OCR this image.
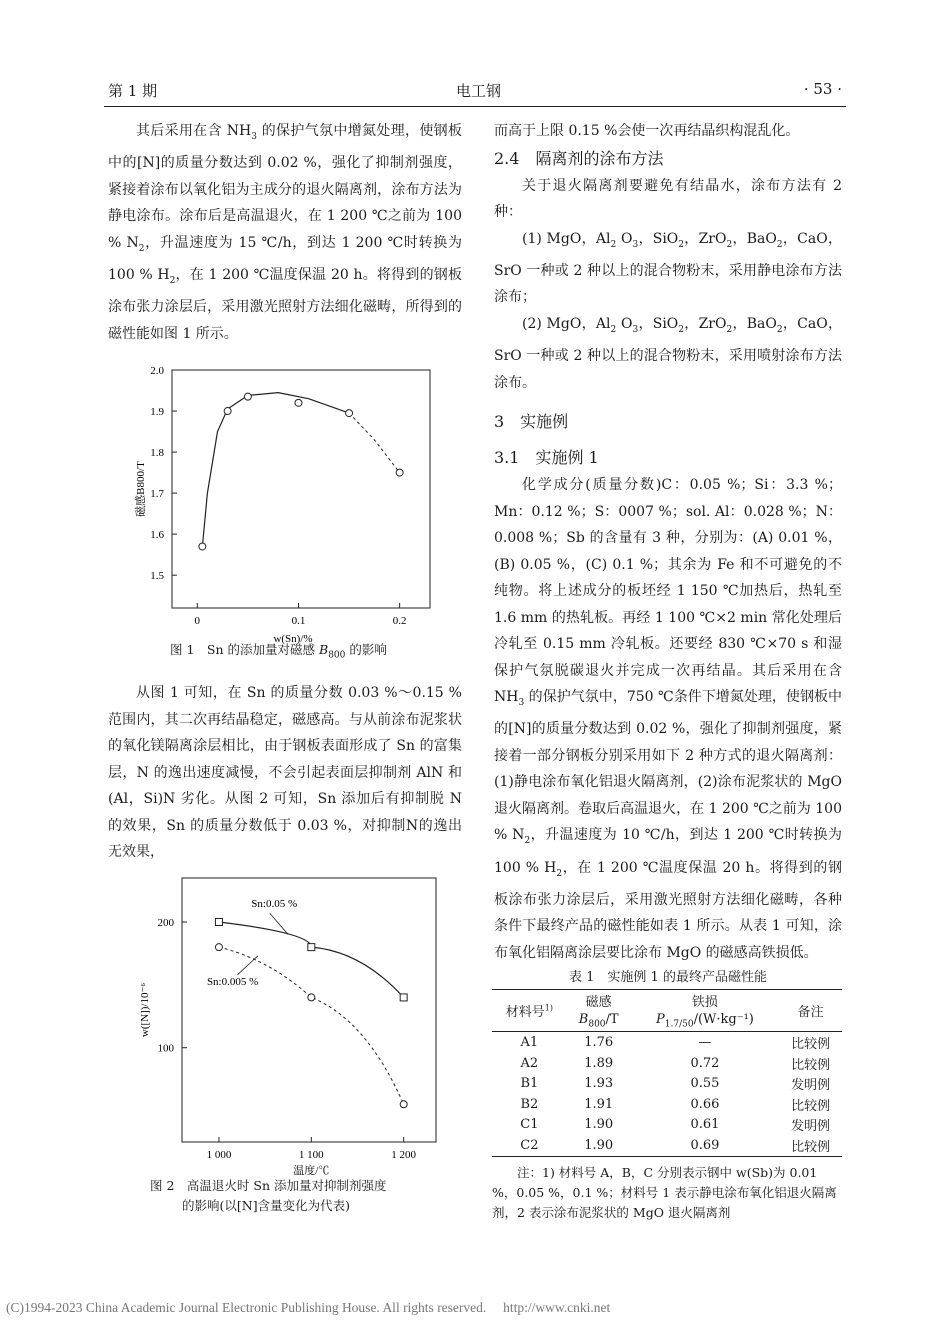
第 1 期	电工钢	· 53 ·

其后采用在含 $NH_3$ 的保护气氛中增氮处理，使钢板中的[N]的质量分数达到 0.02 %，强化了抑制剂强度，紧接着涂布以氧化铝为主成分的退火隔离剂，涂布方法为静电涂布。涂布后是高温退火，在 1 200 ℃之前为 100 % $N_2$，升温速度为 15 ℃/h，到达 1 200 ℃时转换为 100 % $H_2$，在 1 200 ℃温度保温 20 h。将得到的钢板涂布张力涂层后，采用激光照射方法细化磁畴，所得到的磁性能如图 1 所示。

1.5
1.6
1.7
1.8
1.9
2.0
0	0.1	0.2
w(Sn)/%
磁感B800/T
图 1　Sn 的添加量对磁感 $B_{800}$ 的影响

从图 1 可知，在 Sn 的质量分数 0.03 %～0.15 %范围内，其二次再结晶稳定，磁感高。与从前涂布泥浆状的氧化镁隔离涂层相比，由于钢板表面形成了 Sn 的富集层，N 的逸出速度减慢，不会引起表面层抑制剂 AlN 和(Al，Si)N 劣化。从图 2 可知，Sn 添加后有抑制脱 N 的效果，Sn 的质量分数低于 0.03 %，对抑制N的逸出无效果，

100
200
1 000	1 100	1 200
温度/℃
w([N])/10⁻⁶
Sn:0.05 %
Sn:0.005 %
图 2　高温退火时 Sn 添加量对抑制剂强度
的影响(以[N]含量变化为代表)

而高于上限 0.15 %会使一次再结晶织构混乱化。

2.4　隔离剂的涂布方法

关于退火隔离剂要避免有结晶水，涂布方法有 2 种：

(1) MgO，$Al_2$ $O_3$，SiO$_2$，ZrO$_2$，BaO$_2$，CaO，SrO 一种或 2 种以上的混合物粉末，采用静电涂布方法涂布；

(2) MgO，$Al_2$ $O_3$，SiO$_2$，ZrO$_2$，BaO$_2$，CaO，SrO 一种或 2 种以上的混合物粉末，采用喷射涂布方法涂布。

3　实施例

3.1　实施例 1

化学成分(质量分数)C：0.05 %；Si：3.3 %；Mn：0.12 %；S：0007 %；sol. Al：0.028 %；N：0.008 %；Sb 的含量有 3 种，分别为：(A) 0.01 %，(B) 0.05 %，(C) 0.1 %；其余为 Fe 和不可避免的不纯物。将上述成分的板坯经 1 150 ℃加热后，热轧至 1.6 mm 的热轧板。再经 1 100 ℃×2 min 常化处理后冷轧至 0.15 mm 冷轧板。还要经 830 ℃×70 s 和湿保护气氛脱碳退火并完成一次再结晶。其后采用在含 $NH_3$ 的保护气氛中，750 ℃条件下增氮处理，使钢板中的[N]的质量分数达到 0.02 %，强化了抑制剂强度，紧接着一部分钢板分别采用如下 2 种方式的退火隔离剂：(1)静电涂布氧化铝退火隔离剂，(2)涂布泥浆状的 MgO 退火隔离剂。卷取后高温退火，在 1 200 ℃之前为 100 % $N_2$，升温速度为 10 ℃/h，到达 1 200 ℃时转换为 100 % $H_2$，在 1 200 ℃温度保温 20 h。将得到的钢板涂布张力涂层后，采用激光照射方法细化磁畴，各种条件下最终产品的磁性能如表 1 所示。从表 1 可知，涂布氧化铝隔离涂层要比涂布 MgO 的磁感高铁损低。

表 1　实施例 1 的最终产品磁性能
材料号$^{1)}$	磁感	铁损	备注
	$B_{800}/T$	$P_{1.7/50}/(W\cdot kg^{-1})$	
A1	1.76	—	比较例
A2	1.89	0.72	比较例
B1	1.93	0.55	发明例
B2	1.91	0.66	比较例
C1	1.90	0.61	发明例
C2	1.90	0.69	比较例
注：1) 材料号 A，B，C 分别表示钢中 w(Sb)为 0.01 %，0.05 %，0.1 %；材料号 1 表示静电涂布氧化铝退火隔离剂，2 表示涂布泥浆状的 MgO 退火隔离剂
(C)1994-2023 China Academic Journal Electronic Publishing House. All rights reserved.　 http://www.cnki.net
